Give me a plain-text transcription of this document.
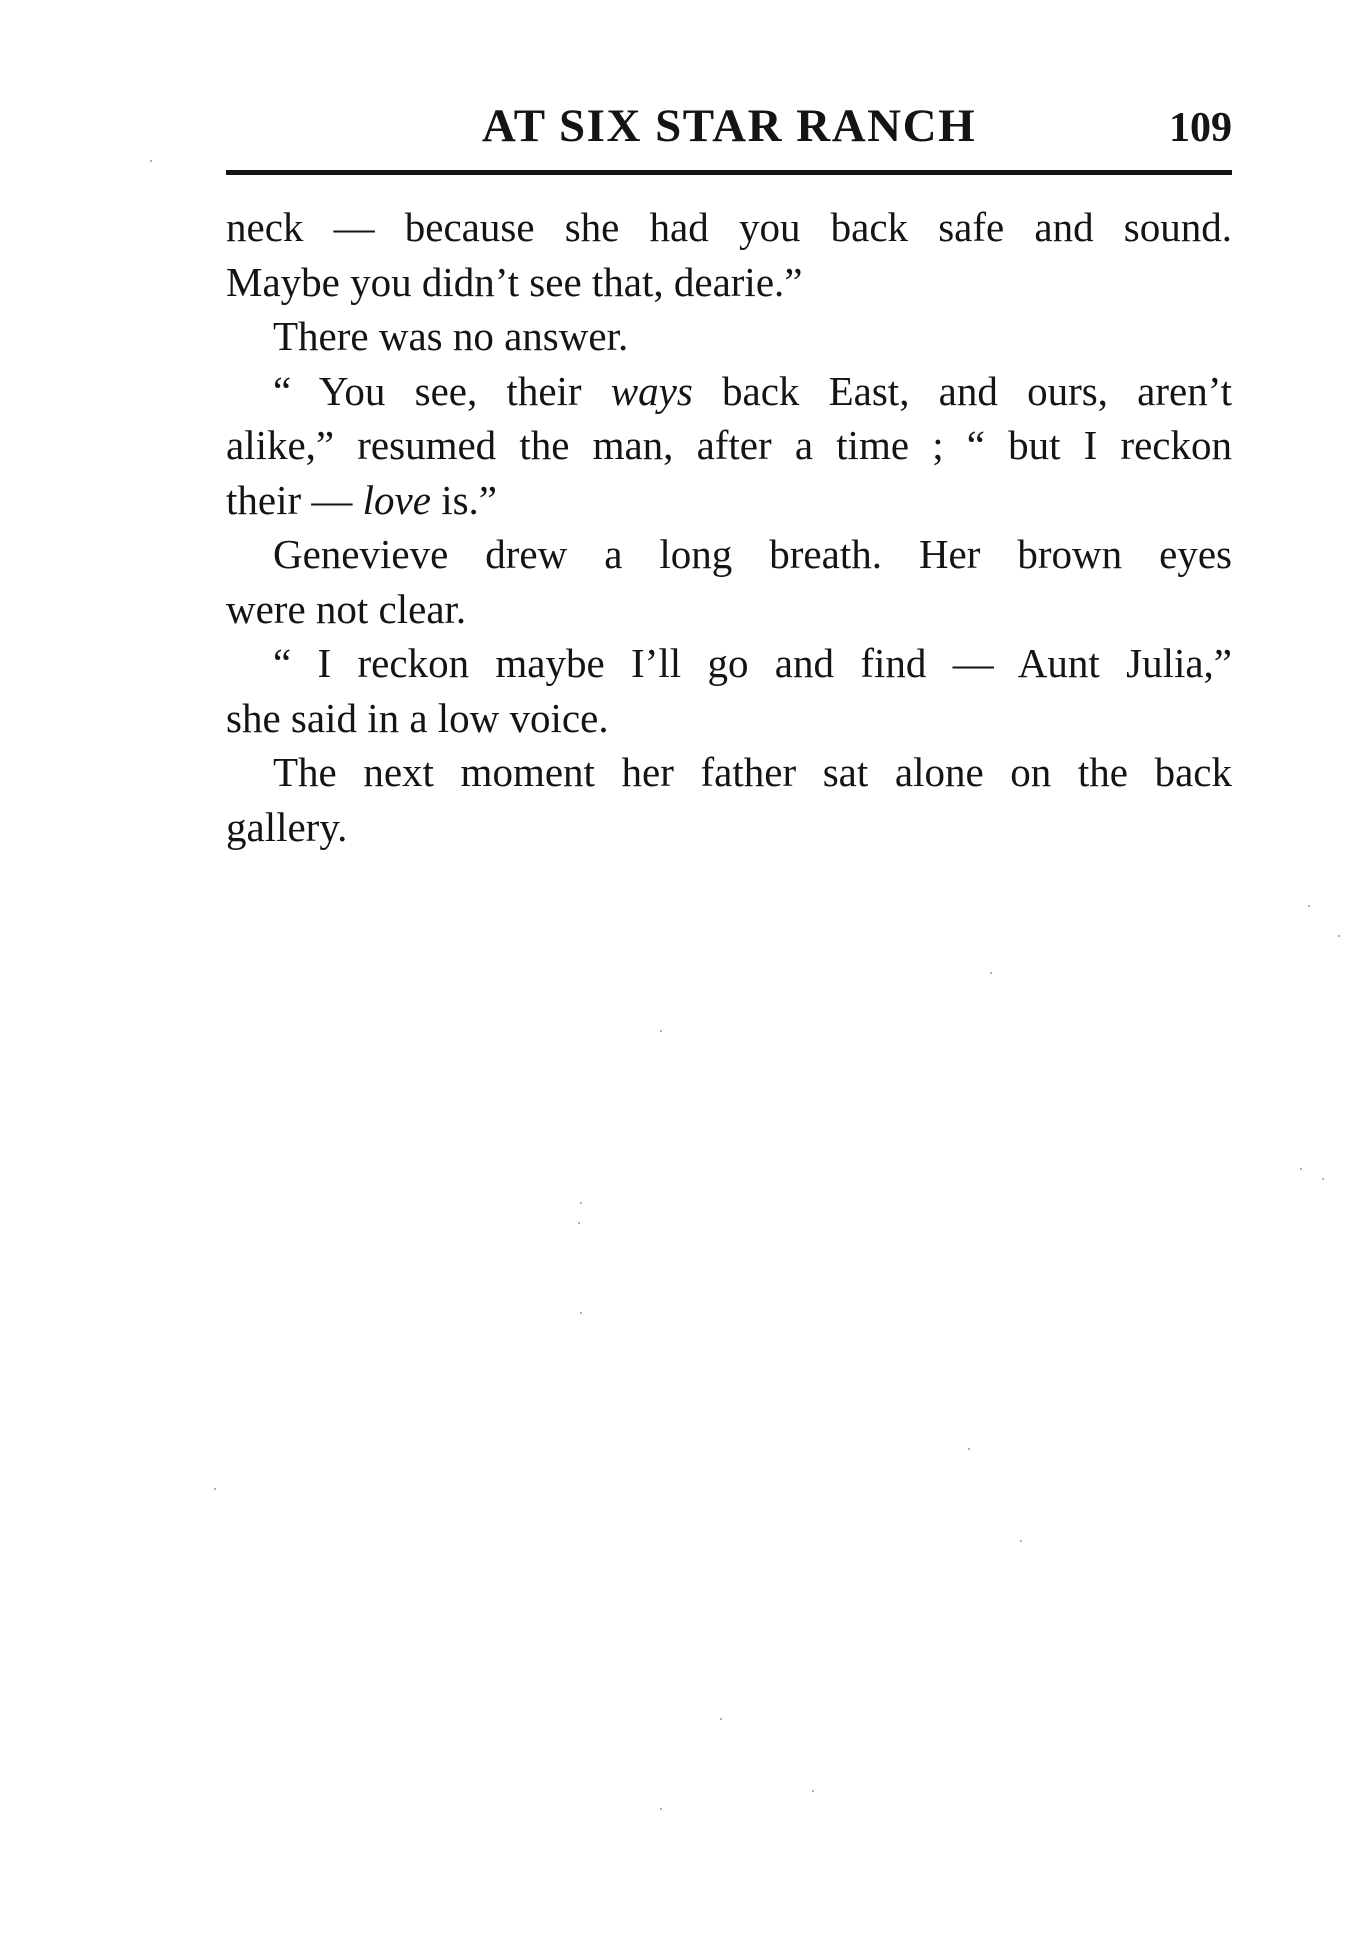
AT SIX STAR RANCH	109

neck — because she had you back safe and sound.

Maybe you didn’t see that, dearie.”

There was no answer.

“ You see, their ways back East, and ours, aren’t

alike,” resumed the man, after a time ; “ but I reckon

their — love is.”

Genevieve drew a long breath. Her brown eyes

were not clear.

“ I reckon maybe I’ll go and find — Aunt Julia,”

she said in a low voice.

The next moment her father sat alone on the back

gallery.
